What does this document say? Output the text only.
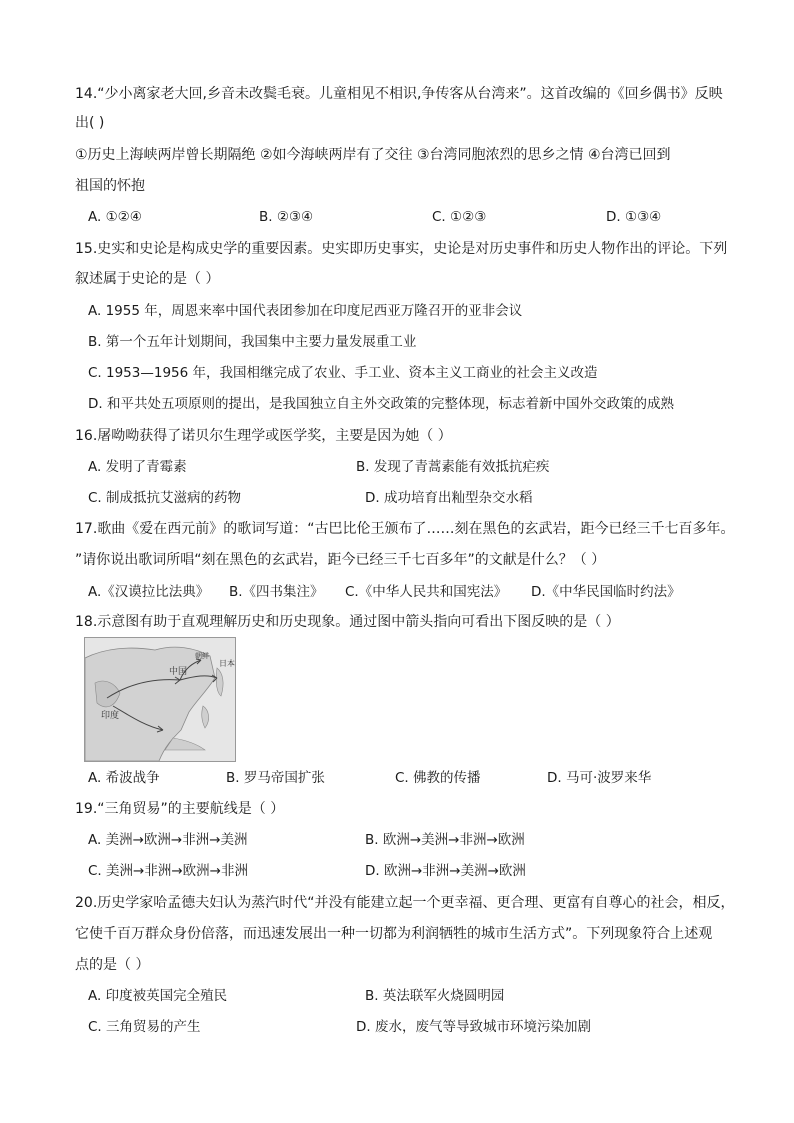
14.“少小离家老大回,乡音未改鬓毛衰。儿童相见不相识,争传客从台湾来”。这首改编的《回乡偶书》反映
出( )
①历史上海峡两岸曾长期隔绝 ②如今海峡两岸有了交往 ③台湾同胞浓烈的思乡之情 ④台湾已回到
祖国的怀抱
A. ①②④	B. ②③④	C. ①②③	D. ①③④
15.史实和史论是构成史学的重要因素。史实即历史事实，史论是对历史事件和历史人物作出的评论。下列
叙述属于史论的是（ ）
A. 1955 年，周恩来率中国代表团参加在印度尼西亚万隆召开的亚非会议
B. 第一个五年计划期间，我国集中主要力量发展重工业
C. 1953—1956 年，我国相继完成了农业、手工业、资本主义工商业的社会主义改造
D. 和平共处五项原则的提出，是我国独立自主外交政策的完整体现，标志着新中国外交政策的成熟
16.屠呦呦获得了诺贝尔生理学或医学奖，主要是因为她（ ）
A. 发明了青霉素	B. 发现了青蒿素能有效抵抗疟疾
C. 制成抵抗艾滋病的药物	D. 成功培育出籼型杂交水稻
17.歌曲《爱在西元前》的歌词写道：“古巴比伦王颁布了……刻在黑色的玄武岩，距今已经三千七百多年。
”请你说出歌词所唱“刻在黑色的玄武岩，距今已经三千七百多年”的文献是什么？（ ）
A.《汉谟拉比法典》 B.《四书集注》 C.《中华人民共和国宪法》 D.《中华民国临时约法》
18.示意图有助于直观理解历史和历史现象。通过图中箭头指向可看出下图反映的是（ ）
印度
中国
日本
朝鲜
A. 希波战争	B. 罗马帝国扩张	C. 佛教的传播	D. 马可·波罗来华
19.“三角贸易”的主要航线是（ ）
A. 美洲→欧洲→非洲→美洲	B. 欧洲→美洲→非洲→欧洲
C. 美洲→非洲→欧洲→非洲	D. 欧洲→非洲→美洲→欧洲
20.历史学家哈孟德夫妇认为蒸汽时代“并没有能建立起一个更幸福、更合理、更富有自尊心的社会，相反，
它使千百万群众身份倍落，而迅速发展出一种一切都为利润牺牲的城市生活方式”。下列现象符合上述观
点的是（ ）
A. 印度被英国完全殖民	B. 英法联军火烧圆明园
C. 三角贸易的产生	D. 废水，废气等导致城市环境污染加剧
